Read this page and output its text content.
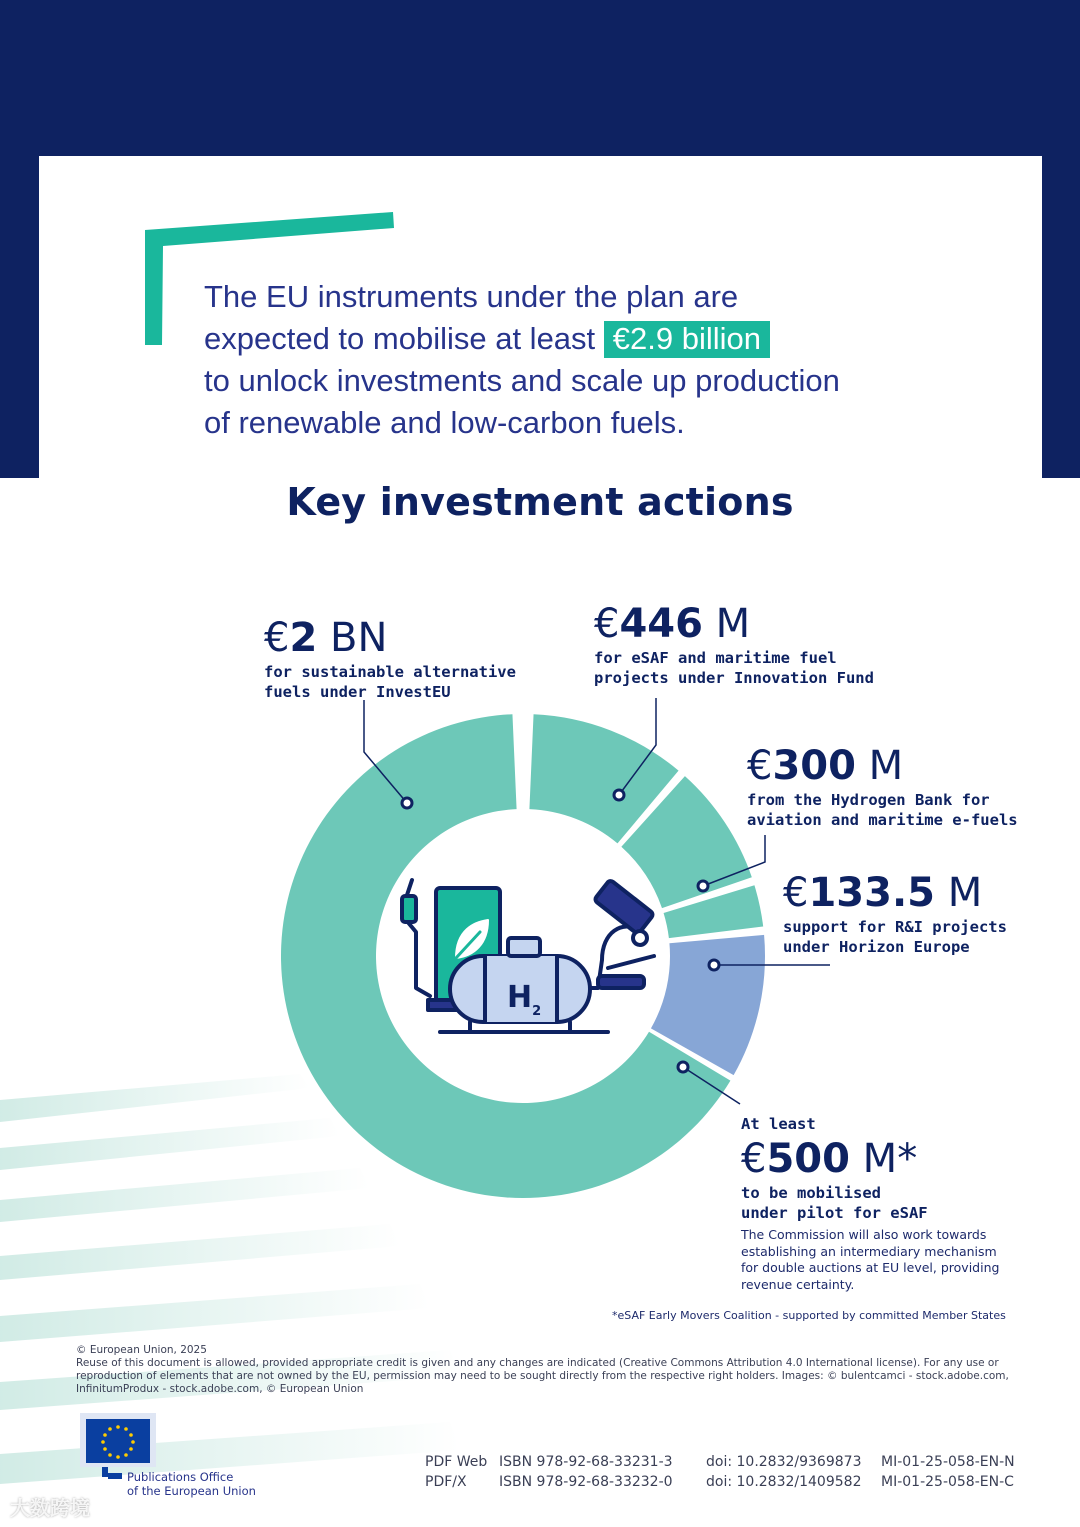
The EU instruments under the plan are
expected to mobilise at least €2.9 billion
to unlock investments and scale up production
of renewable and low-carbon fuels.
Key investment actions
$H_2$
€2 BN
for sustainable alternative
fuels under InvestEU
€446 M
for eSAF and maritime fuel
projects under Innovation Fund
€300 M
from the Hydrogen Bank for
aviation and maritime e-fuels
€133.5 M
support for R&I projects
under Horizon Europe
At least
€500 M*
to be mobilised
under pilot for eSAF
The Commission will also work towards establishing an intermediary mechanism for double auctions at EU level, providing revenue certainty.
*eSAF Early Movers Coalition - supported by committed Member States
© European Union, 2025
Reuse of this document is allowed, provided appropriate credit is given and any changes are indicated (Creative Commons Attribution 4.0 International license). For any use or reproduction of elements that are not owned by the EU, permission may need to be sought directly from the respective right holders. Images: © bulentcamci - stock.adobe.com, InfinitumProdux - stock.adobe.com, © European Union
Publications Office
of the European Union
PDF Web
PDF/X
ISBN 978-92-68-33231-3
ISBN 978-92-68-33232-0
doi: 10.2832/9369873
doi: 10.2832/1409582
MI-01-25-058-EN-N
MI-01-25-058-EN-C
大数跨境
